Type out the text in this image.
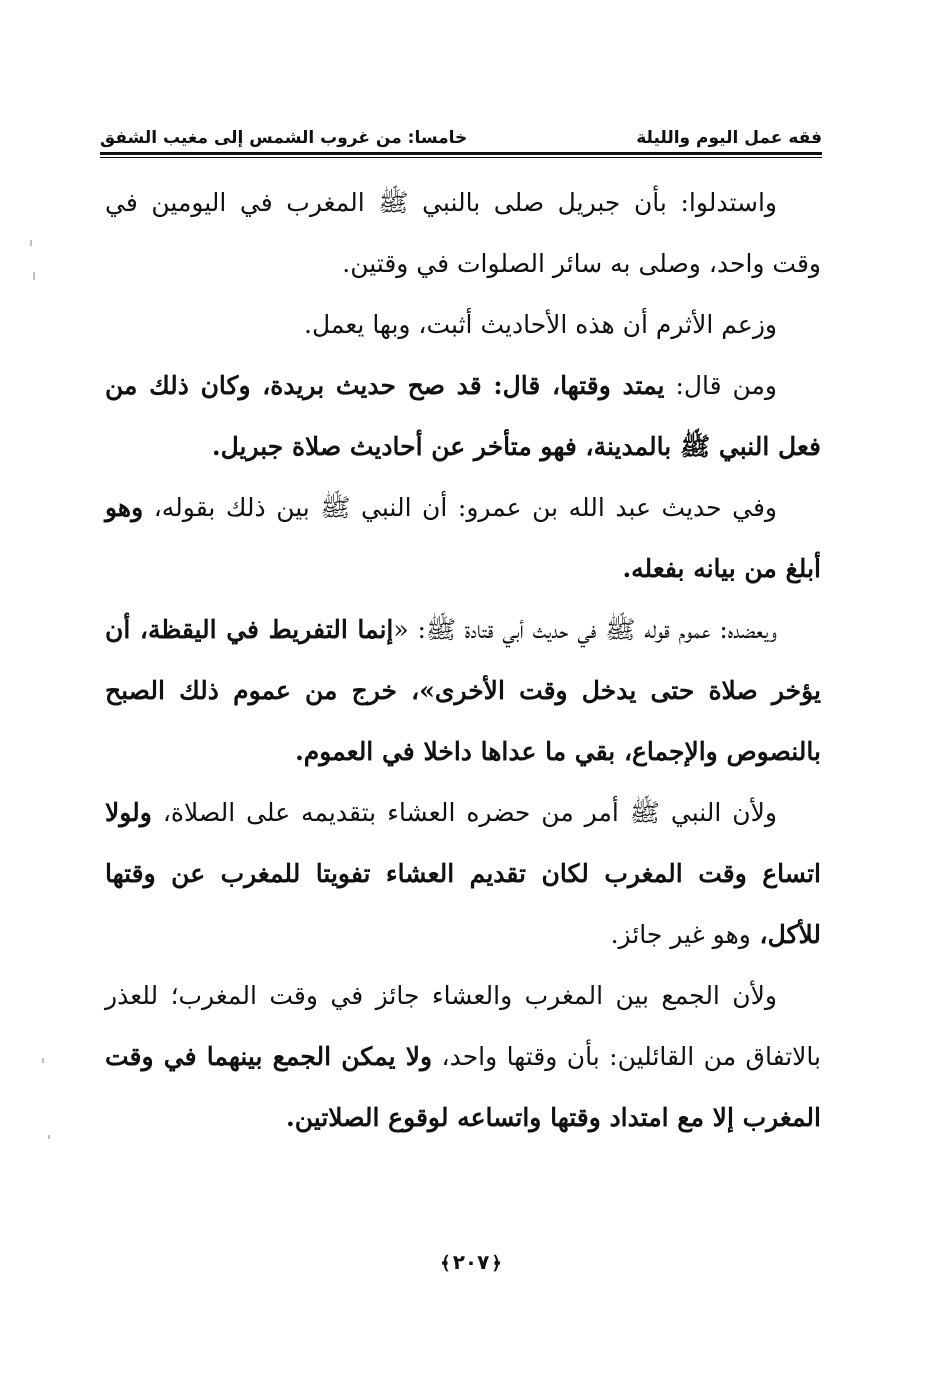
فقه عمل اليوم والليلة
خامسا: من غروب الشمس إلى مغيب الشفق

واستدلوا: بأن جبريل صلى بالنبي ﷺ المغرب في اليومين في وقت واحد، وصلى به سائر الصلوات في وقتين.

وزعم الأثرم أن هذه الأحاديث أثبت، وبها يعمل.

ومن قال: يمتد وقتها، قال: قد صح حديث بريدة، وكان ذلك من فعل النبي ﷺ بالمدينة، فهو متأخر عن أحاديث صلاة جبريل.

وفي حديث عبد الله بن عمرو: أن النبي ﷺ بين ذلك بقوله، وهو أبلغ من بيانه بفعله.

ويعضده: عموم قوله ﷺ في حديث أبي قتادة ﷺ: «إنما التفريط في اليقظة، أن يؤخر صلاة حتى يدخل وقت الأخرى»، خرج من عموم ذلك الصبح بالنصوص والإجماع، بقي ما عداها داخلا في العموم.

ولأن النبي ﷺ أمر من حضره العشاء بتقديمه على الصلاة، ولولا اتساع وقت المغرب لكان تقديم العشاء تفويتا للمغرب عن وقتها للأكل، وهو غير جائز.

ولأن الجمع بين المغرب والعشاء جائز في وقت المغرب؛ للعذر بالاتفاق من القائلين: بأن وقتها واحد، ولا يمكن الجمع بينهما في وقت المغرب إلا مع امتداد وقتها واتساعه لوقوع الصلاتين.

﴿٢٠٧﴾
